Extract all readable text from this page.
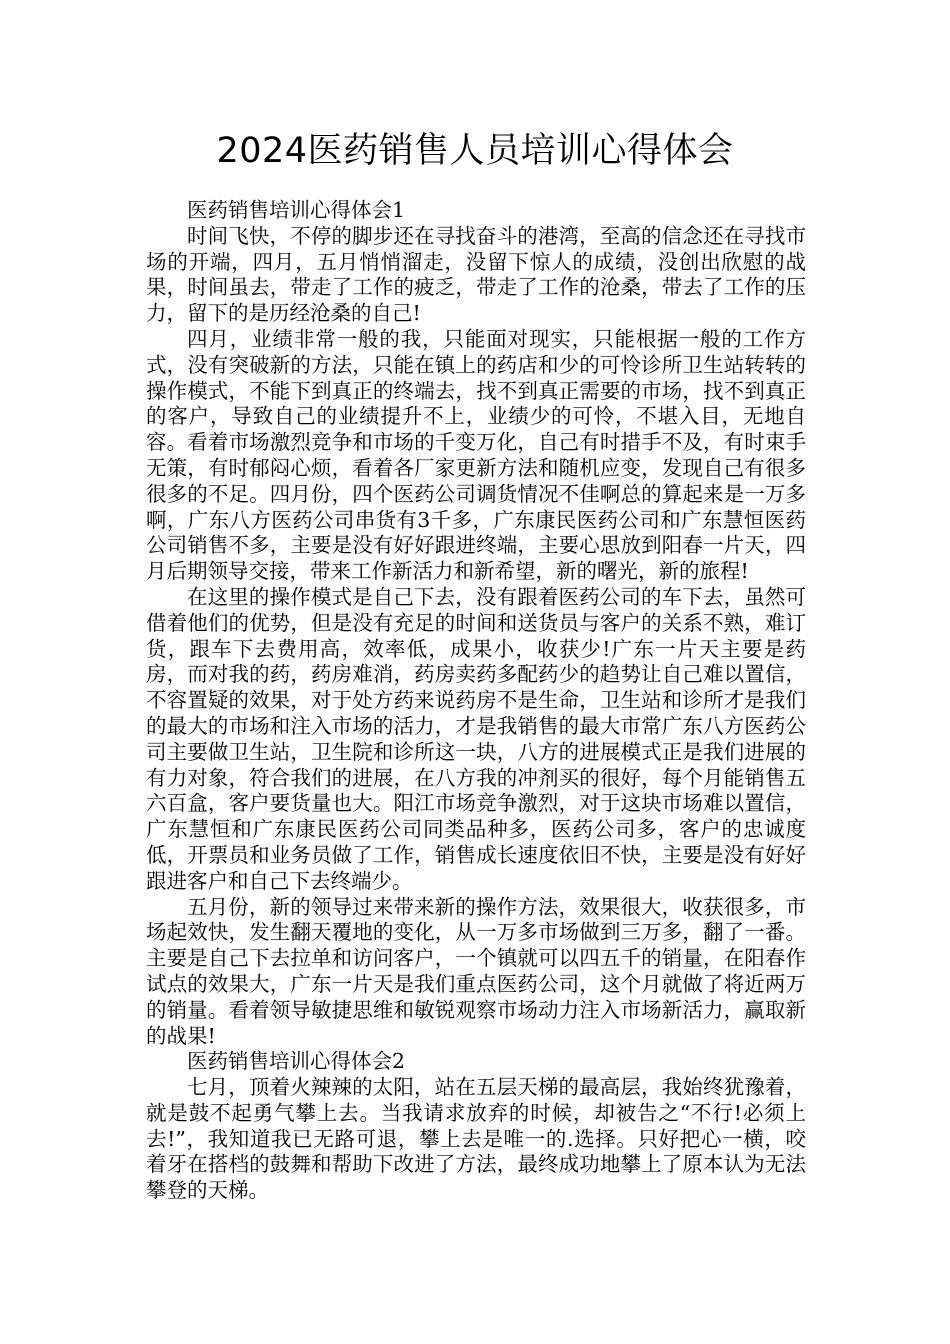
2024医药销售人员培训心得体会

医药销售培训心得体会1

时间飞快，不停的脚步还在寻找奋斗的港湾，至高的信念还在寻找市场的开端，四月，五月悄悄溜走，没留下惊人的成绩，没创出欣慰的战果，时间虽去，带走了工作的疲乏，带走了工作的沧桑，带去了工作的压力，留下的是历经沧桑的自己!

四月，业绩非常一般的我，只能面对现实，只能根据一般的工作方式，没有突破新的方法，只能在镇上的药店和少的可怜诊所卫生站转转的操作模式，不能下到真正的终端去，找不到真正需要的市场，找不到真正的客户，导致自己的业绩提升不上，业绩少的可怜，不堪入目，无地自容。看着市场激烈竞争和市场的千变万化，自己有时措手不及，有时束手无策，有时郁闷心烦，看着各厂家更新方法和随机应变，发现自己有很多很多的不足。四月份，四个医药公司调货情况不佳啊总的算起来是一万多啊，广东八方医药公司串货有3千多，广东康民医药公司和广东慧恒医药公司销售不多，主要是没有好好跟进终端，主要心思放到阳春一片天，四月后期领导交接，带来工作新活力和新希望，新的曙光，新的旅程!

在这里的操作模式是自己下去，没有跟着医药公司的车下去，虽然可借着他们的优势，但是没有充足的时间和送货员与客户的关系不熟，难订货，跟车下去费用高，效率低，成果小，收获少!广东一片天主要是药房，而对我的药，药房难消，药房卖药多配药少的趋势让自己难以置信，不容置疑的效果，对于处方药来说药房不是生命，卫生站和诊所才是我们的最大的市场和注入市场的活力，才是我销售的最大市常广东八方医药公司主要做卫生站，卫生院和诊所这一块，八方的进展模式正是我们进展的有力对象，符合我们的进展，在八方我的冲剂买的很好，每个月能销售五六百盒，客户要货量也大。阳江市场竞争激烈，对于这块市场难以置信，广东慧恒和广东康民医药公司同类品种多，医药公司多，客户的忠诚度低，开票员和业务员做了工作，销售成长速度依旧不快，主要是没有好好跟进客户和自己下去终端少。

五月份，新的领导过来带来新的操作方法，效果很大，收获很多，市场起效快，发生翻天覆地的变化，从一万多市场做到三万多，翻了一番。主要是自己下去拉单和访问客户，一个镇就可以四五千的销量，在阳春作试点的效果大，广东一片天是我们重点医药公司，这个月就做了将近两万的销量。看着领导敏捷思维和敏锐观察市场动力注入市场新活力，赢取新的战果!

医药销售培训心得体会2

七月，顶着火辣辣的太阳，站在五层天梯的最高层，我始终犹豫着，就是鼓不起勇气攀上去。当我请求放弃的时候，却被告之“不行!必须上去!”，我知道我已无路可退，攀上去是唯一的.选择。只好把心一横，咬着牙在搭档的鼓舞和帮助下改进了方法，最终成功地攀上了原本认为无法攀登的天梯。
